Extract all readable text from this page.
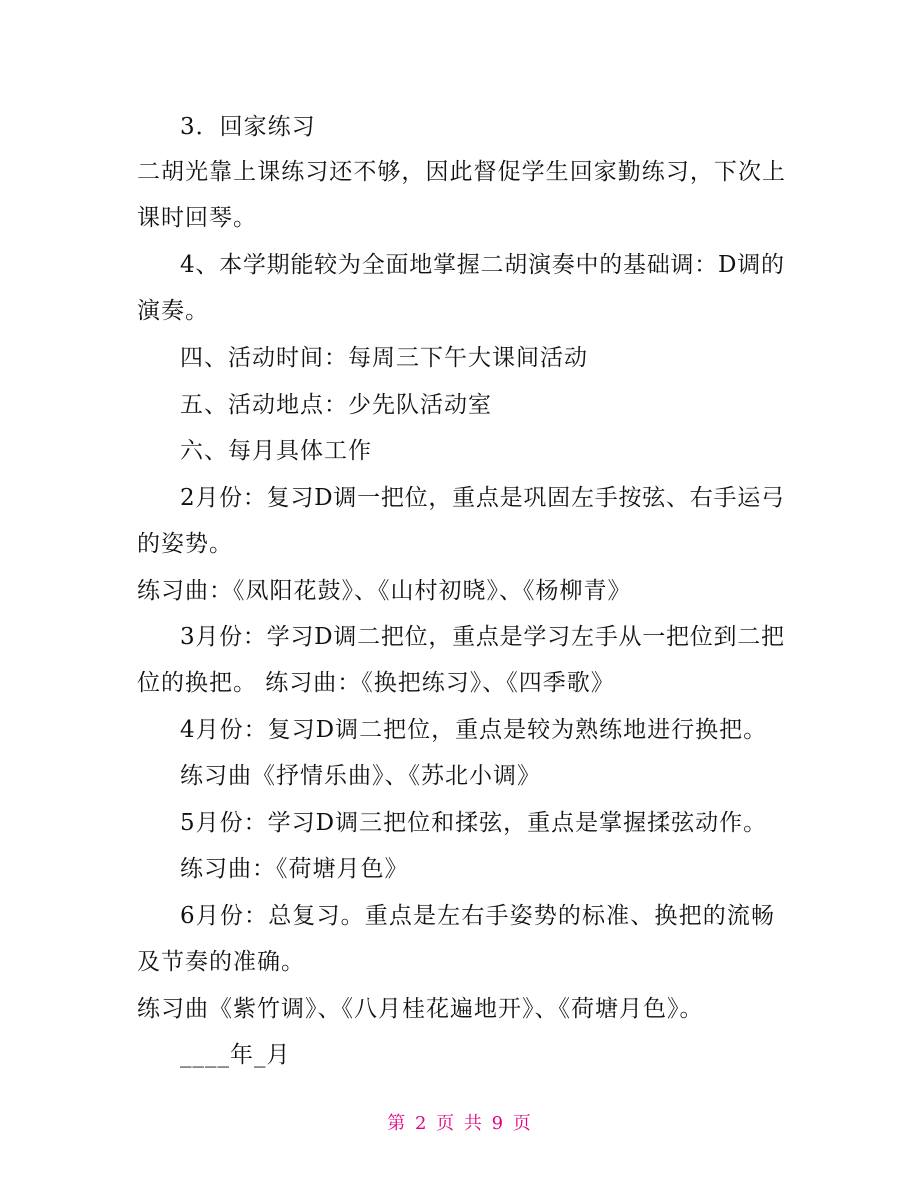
3．回家练习
二胡光靠上课练习还不够，因此督促学生回家勤练习，下次上
课时回琴。
4、本学期能较为全面地掌握二胡演奏中的基础调：D调的
演奏。
四、活动时间：每周三下午大课间活动
五、活动地点：少先队活动室
六、每月具体工作
2月份：复习D调一把位，重点是巩固左手按弦、右手运弓
的姿势。
练习曲：《凤阳花鼓》、《山村初晓》、《杨柳青》
3月份：学习D调二把位，重点是学习左手从一把位到二把
位的换把。 练习曲：《换把练习》、《四季歌》
4月份：复习D调二把位，重点是较为熟练地进行换把。
练习曲《抒情乐曲》、《苏北小调》
5月份：学习D调三把位和揉弦，重点是掌握揉弦动作。
练习曲：《荷塘月色》
6月份：总复习。重点是左右手姿势的标准、换把的流畅
及节奏的准确。
练习曲《紫竹调》、《八月桂花遍地开》、《荷塘月色》。
____年_月
第 2 页 共 9 页
